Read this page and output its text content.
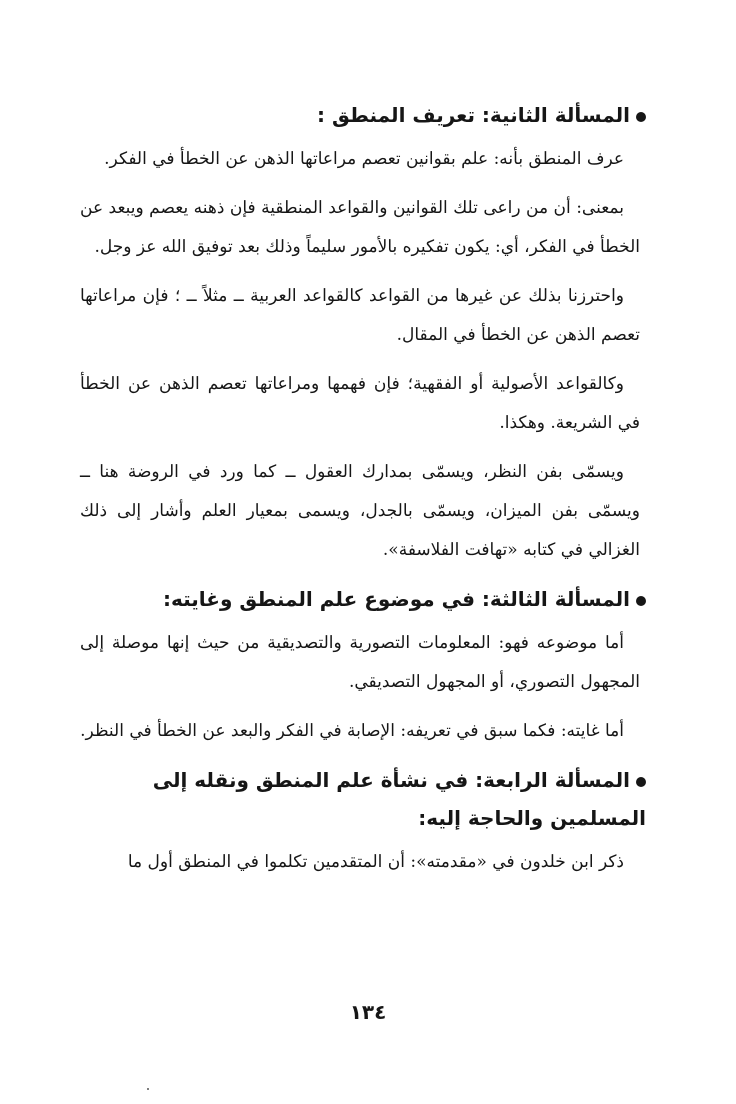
المسألة الثانية: تعريف المنطق :

عرف المنطق بأنه: علم بقوانين تعصم مراعاتها الذهن عن الخطأ في الفكر.

بمعنى: أن من راعى تلك القوانين والقواعد المنطقية فإن ذهنه يعصم ويبعد عن الخطأ في الفكر، أي: يكون تفكيره بالأمور سليماً وذلك بعد توفيق الله عز وجل.

واحترزنا بذلك عن غيرها من القواعد كالقواعد العربية ــ مثلاً ــ ؛ فإن مراعاتها تعصم الذهن عن الخطأ في المقال.

وكالقواعد الأصولية أو الفقهية؛ فإن فهمها ومراعاتها تعصم الذهن عن الخطأ في الشريعة. وهكذا.

ويسمّى بفن النظر، ويسمّى بمدارك العقول ــ كما ورد في الروضة هنا ــ ويسمّى بفن الميزان، ويسمّى بالجدل، ويسمى بمعيار العلم وأشار إلى ذلك الغزالي في كتابه «تهافت الفلاسفة».

المسألة الثالثة: في موضوع علم المنطق وغايته:

أما موضوعه فهو: المعلومات التصورية والتصديقية من حيث إنها موصلة إلى المجهول التصوري، أو المجهول التصديقي.

أما غايته: فكما سبق في تعريفه: الإصابة في الفكر والبعد عن الخطأ في النظر.

المسألة الرابعة: في نشأة علم المنطق ونقله إلى المسلمين والحاجة إليه:

ذكر ابن خلدون في «مقدمته»: أن المتقدمين تكلموا في المنطق أول ما

١٣٤
